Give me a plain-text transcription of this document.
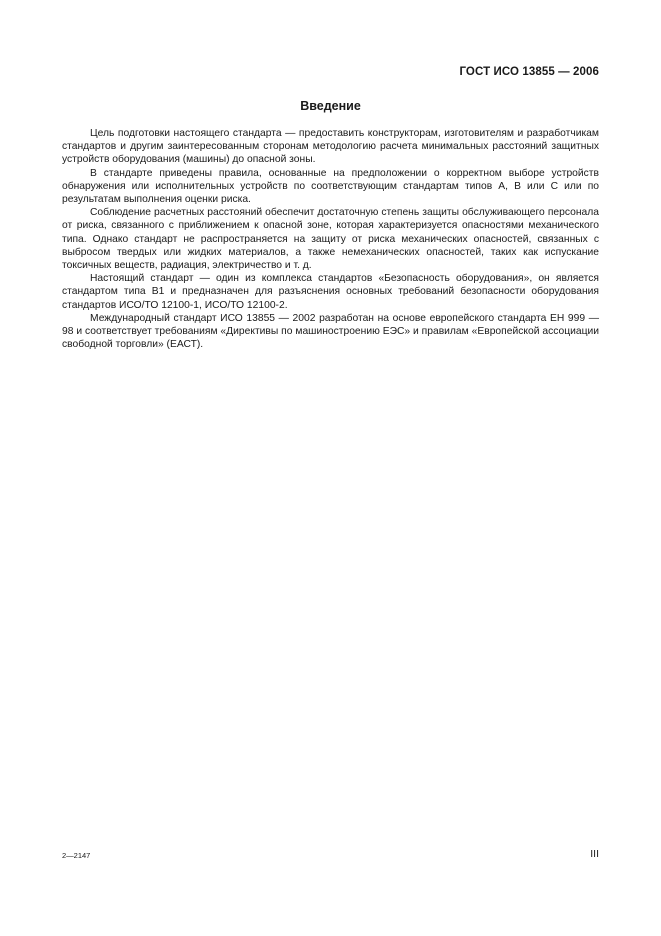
ГОСТ ИСО 13855 — 2006
Введение

Цель подготовки настоящего стандарта — предоставить конструкторам, изготовителям и разработчикам стандартов и другим заинтересованным сторонам методологию расчета минимальных расстояний защитных устройств оборудования (машины) до опасной зоны.

В стандарте приведены правила, основанные на предположении о корректном выборе устройств обнаружения или исполнительных устройств по соответствующим стандартам типов А, В или С или по результатам выполнения оценки риска.

Соблюдение расчетных расстояний обеспечит достаточную степень защиты обслуживающего персонала от риска, связанного с приближением к опасной зоне, которая характеризуется опасностями механического типа. Однако стандарт не распространяется на защиту от риска механических опасностей, связанных с выбросом твердых или жидких материалов, а также немеханических опасностей, таких как испускание токсичных веществ, радиация, электричество и т. д.

Настоящий стандарт — один из комплекса стандартов «Безопасность оборудования», он является стандартом типа В1 и предназначен для разъяснения основных требований безопасности оборудования стандартов ИСО/ТО 12100-1, ИСО/ТО 12100-2.

Международный стандарт ИСО 13855 — 2002 разработан на основе европейского стандарта ЕН 999 — 98 и соответствует требованиям «Директивы по машиностроению ЕЭС» и правилам «Европейской ассоциации свободной торговли» (ЕАСТ).

2—2147	III
